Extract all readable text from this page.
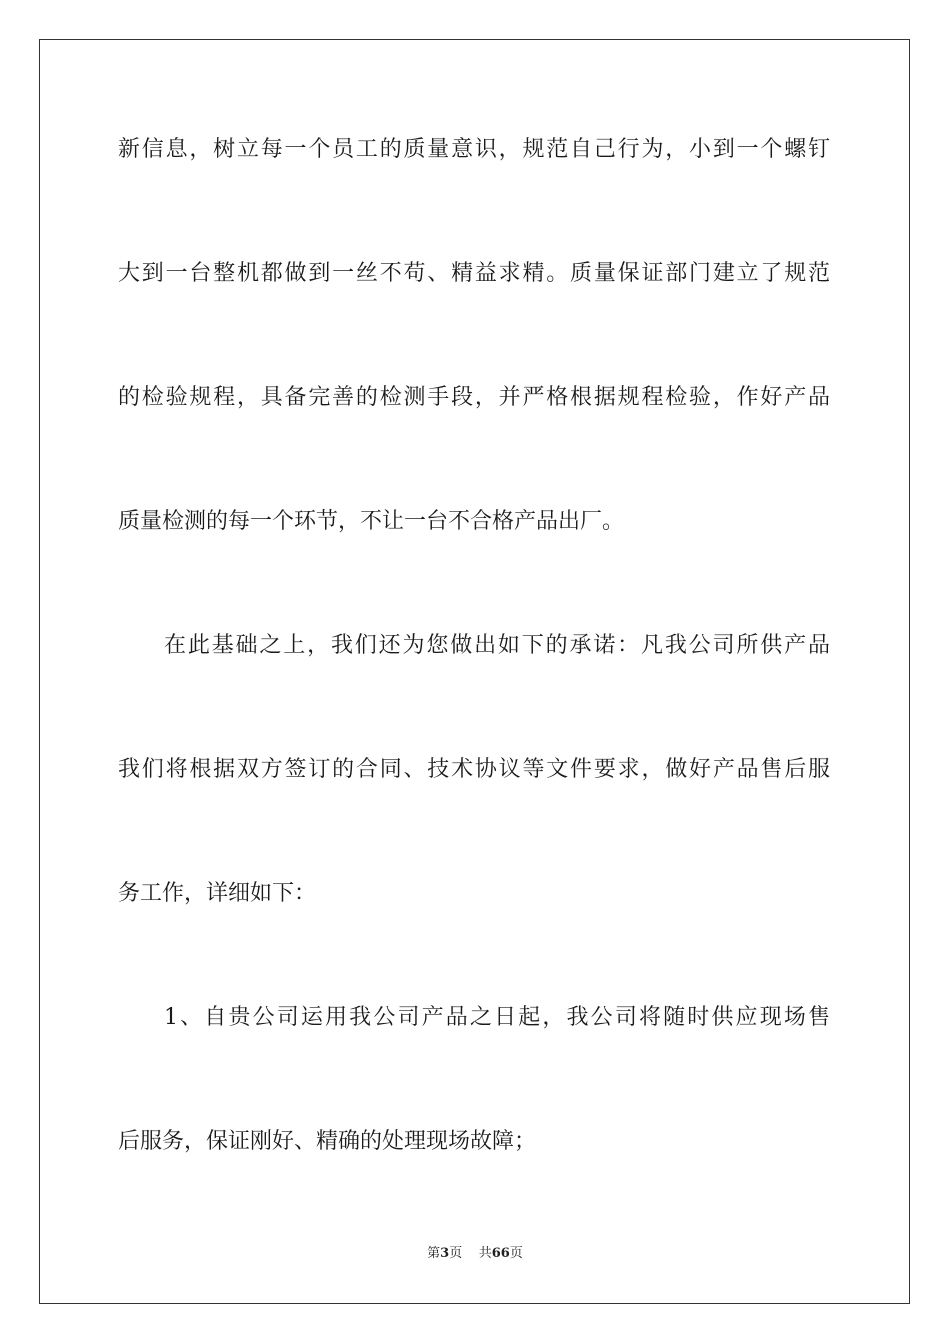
新信息，树立每一个员工的质量意识，规范自己行为，小到一个螺钉
大到一台整机都做到一丝不苟、精益求精。质量保证部门建立了规范
的检验规程，具备完善的检测手段，并严格根据规程检验，作好产品
质量检测的每一个环节，不让一台不合格产品出厂。
在此基础之上，我们还为您做出如下的承诺：凡我公司所供产品
我们将根据双方签订的合同、技术协议等文件要求，做好产品售后服
务工作，详细如下：
1、自贵公司运用我公司产品之日起，我公司将随时供应现场售
后服务，保证刚好、精确的处理现场故障；
第3页 共66页
